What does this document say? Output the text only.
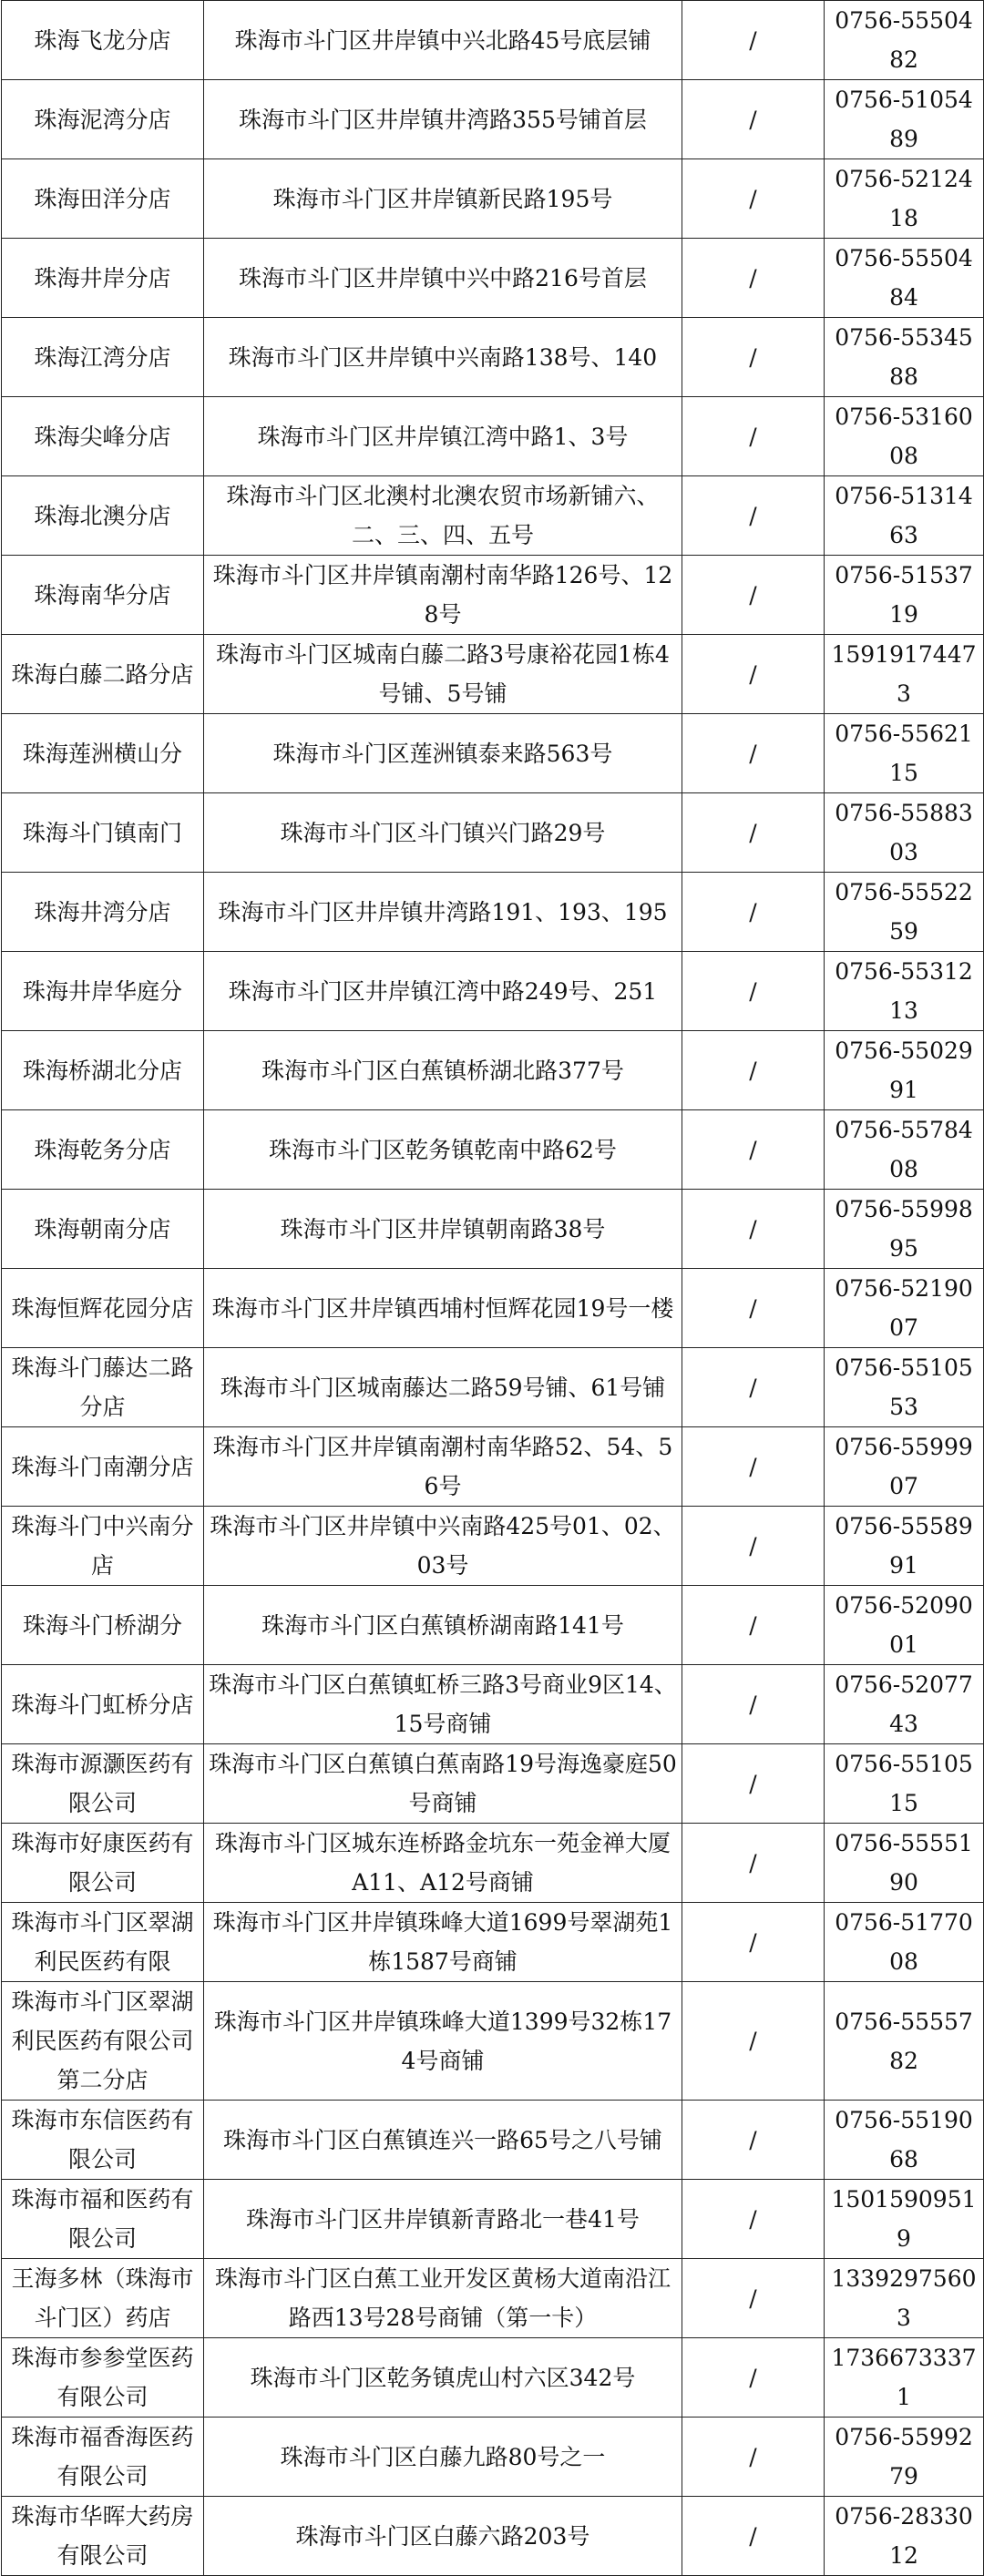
珠海飞龙分店	珠海市斗门区井岸镇中兴北路45号底层铺	/	0756-5550482
珠海泥湾分店	珠海市斗门区井岸镇井湾路355号铺首层	/	0756-5105489
珠海田洋分店	珠海市斗门区井岸镇新民路195号	/	0756-5212418
珠海井岸分店	珠海市斗门区井岸镇中兴中路216号首层	/	0756-5550484
珠海江湾分店	珠海市斗门区井岸镇中兴南路138号、140	/	0756-5534588
珠海尖峰分店	珠海市斗门区井岸镇江湾中路1、3号	/	0756-5316008
珠海北澳分店	珠海市斗门区北澳村北澳农贸市场新铺六、二、三、四、五号	/	0756-5131463
珠海南华分店	珠海市斗门区井岸镇南潮村南华路126号、128号	/	0756-5153719
珠海白藤二路分店	珠海市斗门区城南白藤二路3号康裕花园1栋4号铺、5号铺	/	15919174473
珠海莲洲横山分	珠海市斗门区莲洲镇泰来路563号	/	0756-5562115
珠海斗门镇南门	珠海市斗门区斗门镇兴门路29号	/	0756-5588303
珠海井湾分店	珠海市斗门区井岸镇井湾路191、193、195	/	0756-5552259
珠海井岸华庭分	珠海市斗门区井岸镇江湾中路249号、251	/	0756-5531213
珠海桥湖北分店	珠海市斗门区白蕉镇桥湖北路377号	/	0756-5502991
珠海乾务分店	珠海市斗门区乾务镇乾南中路62号	/	0756-5578408
珠海朝南分店	珠海市斗门区井岸镇朝南路38号	/	0756-5599895
珠海恒辉花园分店	珠海市斗门区井岸镇西埔村恒辉花园19号一楼	/	0756-5219007
珠海斗门藤达二路分店	珠海市斗门区城南藤达二路59号铺、61号铺	/	0756-5510553
珠海斗门南潮分店	珠海市斗门区井岸镇南潮村南华路52、54、56号	/	0756-5599907
珠海斗门中兴南分店	珠海市斗门区井岸镇中兴南路425号01、02、03号	/	0756-5558991
珠海斗门桥湖分	珠海市斗门区白蕉镇桥湖南路141号	/	0756-5209001
珠海斗门虹桥分店	珠海市斗门区白蕉镇虹桥三路3号商业9区14、15号商铺	/	0756-5207743
珠海市源灏医药有限公司	珠海市斗门区白蕉镇白蕉南路19号海逸豪庭50号商铺	/	0756-5510515
珠海市好康医药有限公司	珠海市斗门区城东连桥路金坑东一苑金禅大厦A11、A12号商铺	/	0756-5555190
珠海市斗门区翠湖利民医药有限	珠海市斗门区井岸镇珠峰大道1699号翠湖苑1栋1587号商铺	/	0756-5177008
珠海市斗门区翠湖利民医药有限公司第二分店	珠海市斗门区井岸镇珠峰大道1399号32栋174号商铺	/	0756-5555782
珠海市东信医药有限公司	珠海市斗门区白蕉镇连兴一路65号之八号铺	/	0756-5519068
珠海市福和医药有限公司	珠海市斗门区井岸镇新青路北一巷41号	/	15015909519
王海多林（珠海市斗门区）药店	珠海市斗门区白蕉工业开发区黄杨大道南沿江路西13号28号商铺（第一卡）	/	13392975603
珠海市参参堂医药有限公司	珠海市斗门区乾务镇虎山村六区342号	/	17366733371
珠海市福香海医药有限公司	珠海市斗门区白藤九路80号之一	/	0756-5599279
珠海市华晖大药房有限公司	珠海市斗门区白藤六路203号	/	0756-2833012
